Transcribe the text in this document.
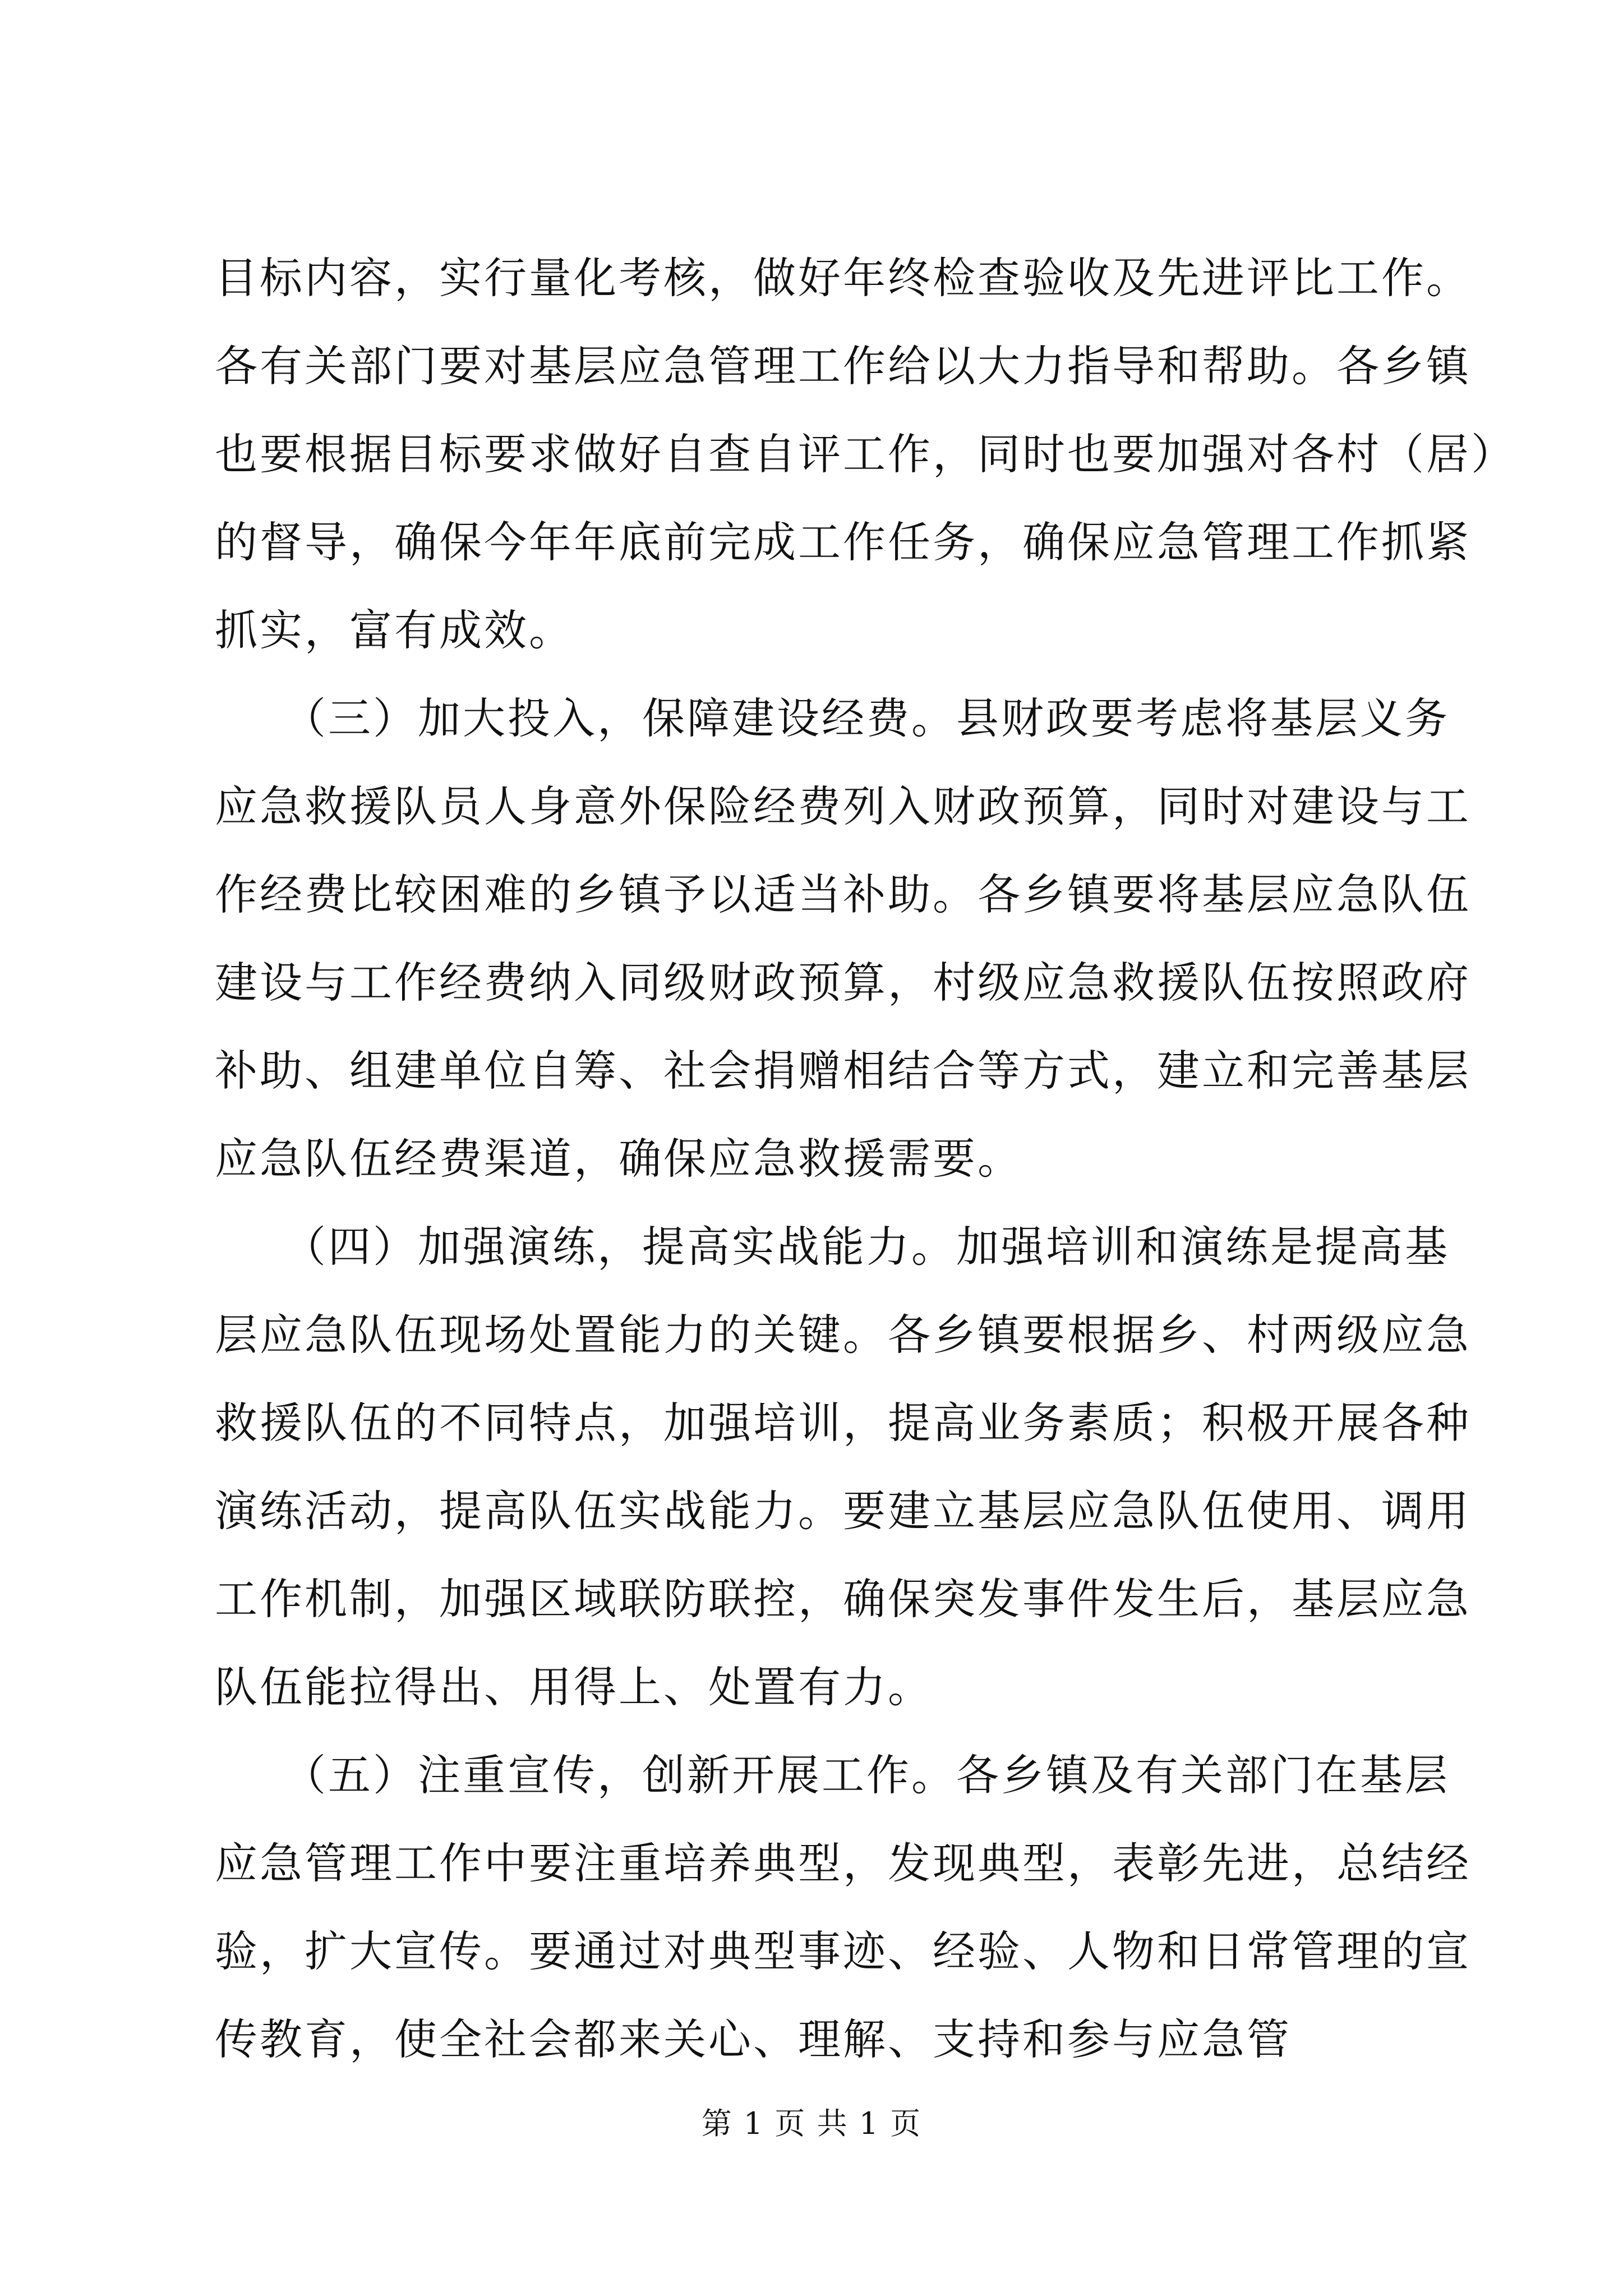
目标内容，实行量化考核，做好年终检查验收及先进评比工作。
各有关部门要对基层应急管理工作给以大力指导和帮助。各乡镇
也要根据目标要求做好自查自评工作，同时也要加强对各村（居）
的督导，确保今年年底前完成工作任务，确保应急管理工作抓紧
抓实，富有成效。
　　（三）加大投入，保障建设经费。县财政要考虑将基层义务
应急救援队员人身意外保险经费列入财政预算，同时对建设与工
作经费比较困难的乡镇予以适当补助。各乡镇要将基层应急队伍
建设与工作经费纳入同级财政预算，村级应急救援队伍按照政府
补助、组建单位自筹、社会捐赠相结合等方式，建立和完善基层
应急队伍经费渠道，确保应急救援需要。
　　（四）加强演练，提高实战能力。加强培训和演练是提高基
层应急队伍现场处置能力的关键。各乡镇要根据乡、村两级应急
救援队伍的不同特点，加强培训，提高业务素质；积极开展各种
演练活动，提高队伍实战能力。要建立基层应急队伍使用、调用
工作机制，加强区域联防联控，确保突发事件发生后，基层应急
队伍能拉得出、用得上、处置有力。
　　（五）注重宣传，创新开展工作。各乡镇及有关部门在基层
应急管理工作中要注重培养典型，发现典型，表彰先进，总结经
验，扩大宣传。要通过对典型事迹、经验、人物和日常管理的宣
传教育，使全社会都来关心、理解、支持和参与应急管
第 1 页 共 1 页
